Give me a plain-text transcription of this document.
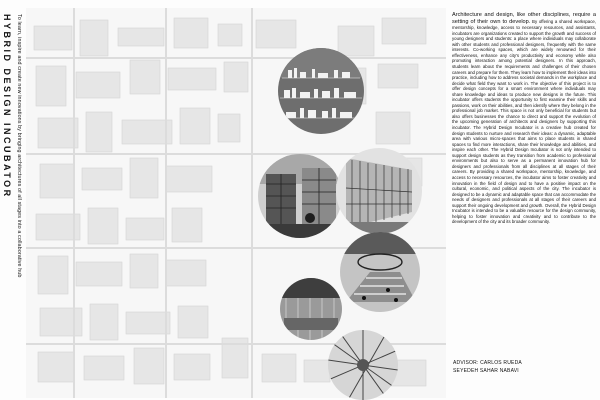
HYBRID DESIGN INCUBATOR To learn, inspire and create new innovations by bringing architectures of all stages into a collaborative hub	Architecture and design, like other disciplines, require a setting of their own to develop. By offering a shared workspace, mentorship, knowledge, access to necessary resources, and assistants, incubators are organizations created to support the growth and success of young designers and students: a place where individuals may collaborate with other students and professional designers, frequently with the same interests. Co-working spaces, which are widely renowned for their effectiveness, enhance any city's productivity and economy while also promoting interaction among potential designers. In this approach, students learn about the requirements and challenges of their chosen careers and prepare for them. They learn how to implement their ideas into practice, including how to address societal demands in the workplace and decide what field they want to work in. The objective of this project is to offer design concepts for a smart environment where individuals may share knowledge and ideas to produce new designs in the future. This incubator offers students the opportunity to first examine their skills and passions, work on their abilities, and then identify where they belong in the professional job market. This space is not only beneficial for students but also offers businesses the chance to direct and support the evolution of the upcoming generation of architects and designers by supporting this incubator. The Hybrid Design Incubator is a creative hub created for design students to nurture and research their ideas: a dynamic, adaptable area with various micro-spaces that aims to place students in shared spaces to find more interactions, share their knowledge and abilities, and inspire each other. The Hybrid Design Incubator is not only intended to support design students as they transition from academic to professional environments but also to serve as a permanent innovation hub for designers and professionals from all disciplines at all stages of their careers. By providing a shared workspace, mentorship, knowledge, and access to necessary resources, the incubator aims to foster creativity and innovation in the field of design and to have a positive impact on the cultural, economic, and political aspects of the city. The incubator is designed to be a dynamic and adaptable space that can accommodate the needs of designers and professionals at all stages of their careers and support their ongoing development and growth. Overall, the Hybrid Design Incubator is intended to be a valuable resource for the design community, helping to foster innovation and creativity and to contribute to the development of the city and its broader community.

ADVISOR: CARLOS RUEDA
SEYEDEH SAHAR NABAVI
